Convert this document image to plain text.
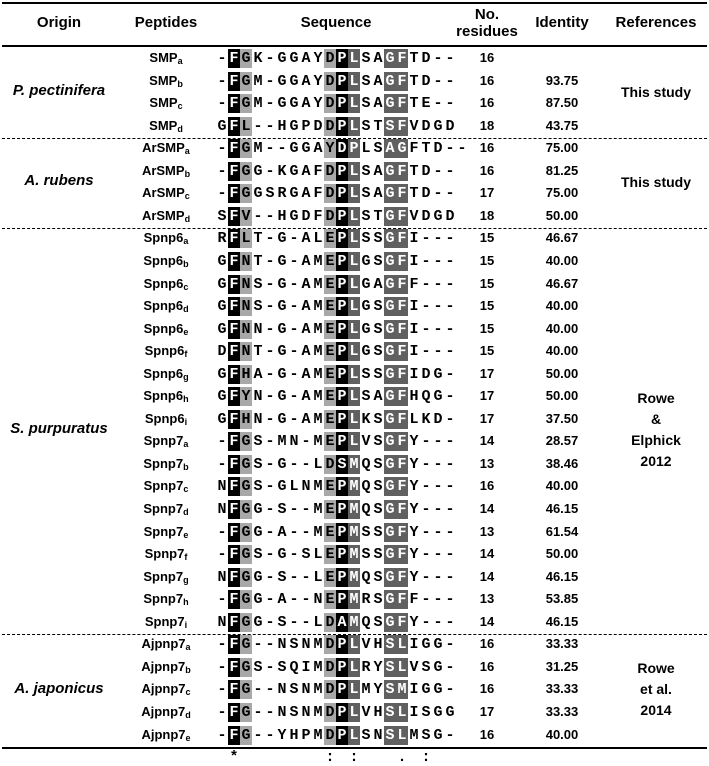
Origin	Peptides	Sequence	No.
residues
Identity	References
$SMP_a$	- F G K - G G A Y D P L S A G F T D - -	16
$SMP_b$	- F G M - G G A Y D P L S A G F T D - -	16	93.75
$SMP_c$	- F G M - G G A Y D P L S A G F T E - -	16	87.50
$SMP_d$	G F L - - H G P D D P L S T S F V D G D	18	43.75
P. pectinifera	This study
ArSMP$_a$	- F G M - - G G A Y D P L S A G F T D - -	16	75.00
ArSMP$_b$	- F G G - K G A F D P L S A G F T D - -	16	81.25
ArSMP$_c$	- F G G S R G A F D P L S A G F T D - -	17	75.00
ArSMP$_d$	S F V - - H G D F D P L S T G F V D G D	18	50.00
A. rubens	This study
$Spnp6_a$	R F L T - G - A L E P L S S G F I - - -	15	46.67
$Spnp6_b$	G F N T - G - A M E P L G S G F I - - -	15	40.00
$Spnp6_c$	G F N S - G - A M E P L G A G F F - - -	15	46.67
$Spnp6_d$	G F N S - G - A M E P L G S G F I - - -	15	40.00
$Spnp6_e$	G F N N - G - A M E P L G S G F I - - -	15	40.00
$Spnp6_f$	D F N T - G - A M E P L G S G F I - - -	15	40.00
$Spnp6_g$	G F H A - G - A M E P L S S G F I D G -	17	50.00
$Spnp6_h$	G F Y N - G - A M E P L S A G F H Q G -	17	50.00
$Spnp6_i$	G F H N - G - A M E P L K S G F L K D -	17	37.50
$Spnp7_a$	- F G S - M N - M E P L V S G F Y - - -	14	28.57
$Spnp7_b$	- F G S - G - - L D S M Q S G F Y - - -	13	38.46
$Spnp7_c$	N F G S - G L N M E P M Q S G F Y - - -	16	40.00
$Spnp7_d$	N F G G - S - - M E P M Q S G F Y - - -	14	46.15
$Spnp7_e$	- F G G - A - - M E P M S S G F Y - - -	13	61.54
$Spnp7_f$	- F G S - G - S L E P M S S G F Y - - -	14	50.00
$Spnp7_g$	N F G G - S - - L E P M Q S G F Y - - -	14	46.15
$Spnp7_h$	- F G G - A - - N E P M R S G F F - - -	13	53.85
$Spnp7_i$	N F G G - S - - L D A M Q S G F Y - - -	14	46.15
S. purpuratus
Rowe
&
Elphick
2012
$Ajpnp7_a$	- F G - - N S N M D P L V H S L I G G -	16	33.33
$Ajpnp7_b$	- F G S - S Q I M D P L R Y S L V S G -	16	31.25
$Ajpnp7_c$	- F G - - N S N M D P L M Y S M I G G -	16	33.33
$Ajpnp7_d$	- F G - - N S N M D P L V H S L I S G G	17	33.33
$Ajpnp7_e$	- F G - - Y H P M D P L S N S L M S G -	16	40.00
A. japonicus
Rowe
et al.
2014
*	: :	. :
